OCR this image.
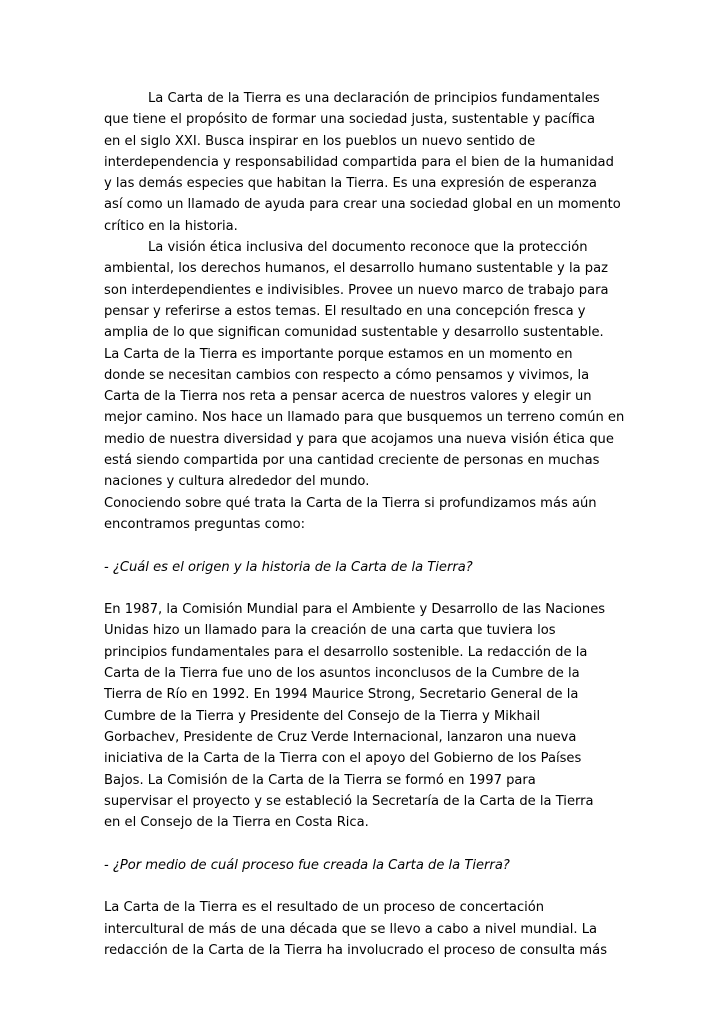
La Carta de la Tierra es una declaración de principios fundamentales
que tiene el propósito de formar una sociedad justa, sustentable y pacífica
en el siglo XXI. Busca inspirar en los pueblos un nuevo sentido de
interdependencia y responsabilidad compartida para el bien de la humanidad
y las demás especies que habitan la Tierra. Es una expresión de esperanza
así como un llamado de ayuda para crear una sociedad global en un momento
crítico en la historia.
La visión ética inclusiva del documento reconoce que la protección
ambiental, los derechos humanos, el desarrollo humano sustentable y la paz
son interdependientes e indivisibles. Provee un nuevo marco de trabajo para
pensar y referirse a estos temas. El resultado en una concepción fresca y
amplia de lo que significan comunidad sustentable y desarrollo sustentable.
La Carta de la Tierra es importante porque estamos en un momento en
donde se necesitan cambios con respecto a cómo pensamos y vivimos, la
Carta de la Tierra nos reta a pensar acerca de nuestros valores y elegir un
mejor camino. Nos hace un llamado para que busquemos un terreno común en
medio de nuestra diversidad y para que acojamos una nueva visión ética que
está siendo compartida por una cantidad creciente de personas en muchas
naciones y cultura alrededor del mundo.
Conociendo sobre qué trata la Carta de la Tierra si profundizamos más aún
encontramos preguntas como:
- ¿Cuál es el origen y la historia de la Carta de la Tierra?
En 1987, la Comisión Mundial para el Ambiente y Desarrollo de las Naciones
Unidas hizo un llamado para la creación de una carta que tuviera los
principios fundamentales para el desarrollo sostenible. La redacción de la
Carta de la Tierra fue uno de los asuntos inconclusos de la Cumbre de la
Tierra de Río en 1992. En 1994 Maurice Strong, Secretario General de la
Cumbre de la Tierra y Presidente del Consejo de la Tierra y Mikhail
Gorbachev, Presidente de Cruz Verde Internacional, lanzaron una nueva
iniciativa de la Carta de la Tierra con el apoyo del Gobierno de los Países
Bajos. La Comisión de la Carta de la Tierra se formó en 1997 para
supervisar el proyecto y se estableció la Secretaría de la Carta de la Tierra
en el Consejo de la Tierra en Costa Rica.
- ¿Por medio de cuál proceso fue creada la Carta de la Tierra?
La Carta de la Tierra es el resultado de un proceso de concertación
intercultural de más de una década que se llevo a cabo a nivel mundial. La
redacción de la Carta de la Tierra ha involucrado el proceso de consulta más
